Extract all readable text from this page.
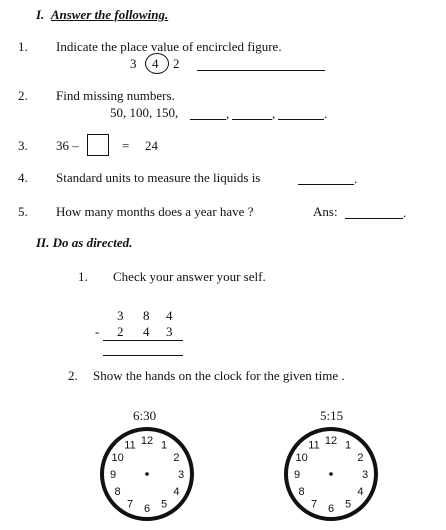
I. Answer the following.
1. Indicate the place value of encircled figure.
3 4 2
2. Find missing numbers.
50, 100, 150,	,	,	.
3. 36 –	= 24
4. Standard units to measure the liquids is	.
5. How many months does a year have ?	Ans:	.
II. Do as directed.
1. Check your answer your self.
3 8 4
- 2 4 3
2. Show the hands on the clock for the given time .
6:30
12 1
2
3
4
5
6
7
8
9
10
11
5:15
12 1
2
3
4
5
6
7
8
9
10
11
